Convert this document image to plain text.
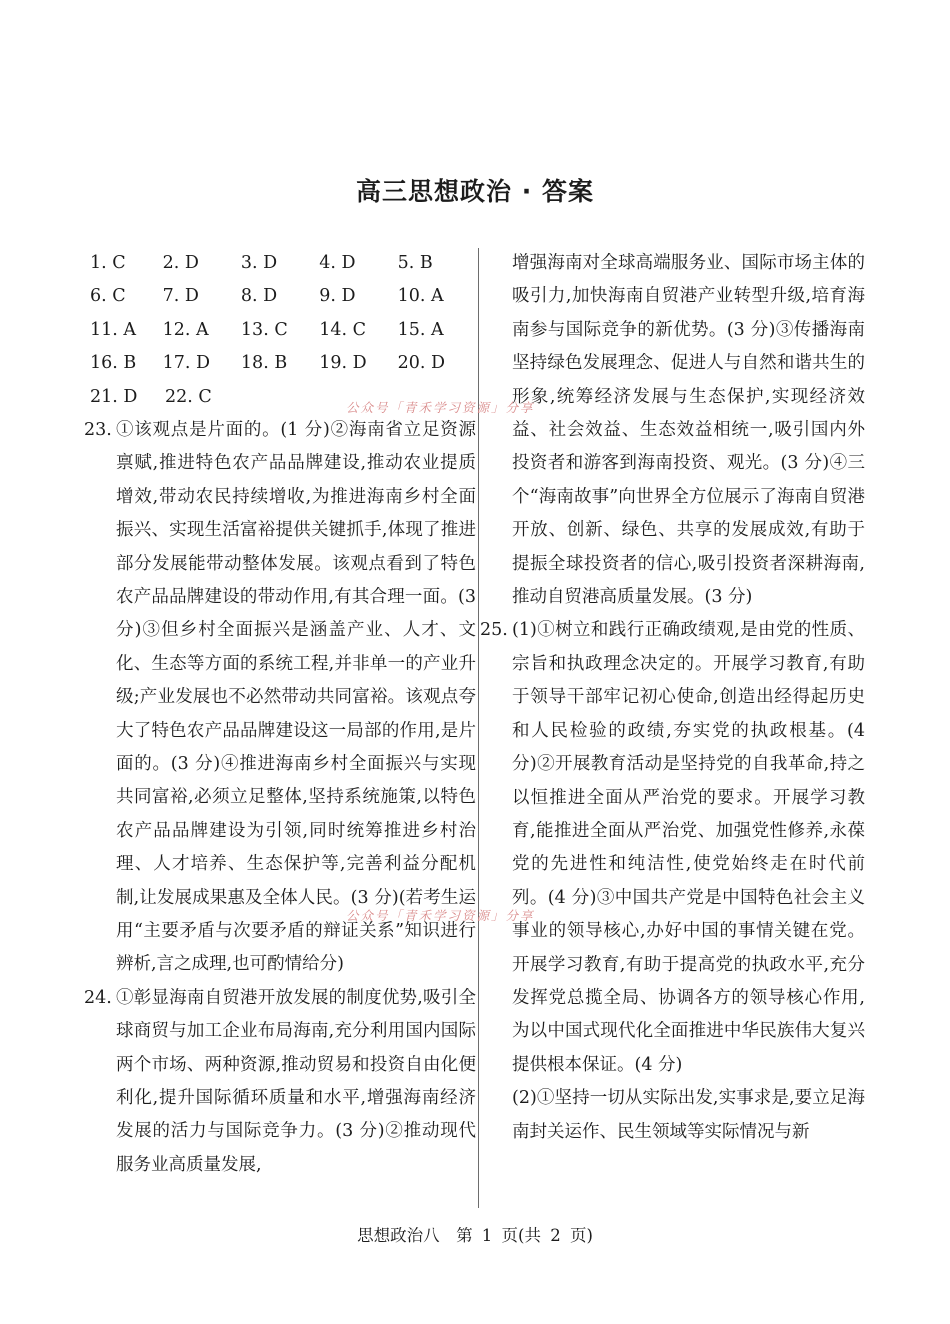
高三思想政治 · 答案
1. C	2. D	3. D	4. D	5. B
6. C	7. D	8. D	9. D	10. A
11. A	12. A	13. C	14. C	15. A
16. B	17. D	18. B	19. D	20. D
21. D	22. C
23. ①该观点是片面的。(1 分)②海南省立足资源禀赋,推进特色农产品品牌建设,推动农业提质增效,带动农民持续增收,为推进海南乡村全面振兴、实现生活富裕提供关键抓手,体现了推进部分发展能带动整体发展。该观点看到了特色农产品品牌建设的带动作用,有其合理一面。(3 分)③但乡村全面振兴是涵盖产业、人才、文化、生态等方面的系统工程,并非单一的产业升级;产业发展也不必然带动共同富裕。该观点夸大了特色农产品品牌建设这一局部的作用,是片面的。(3 分)④推进海南乡村全面振兴与实现共同富裕,必须立足整体,坚持系统施策,以特色农产品品牌建设为引领,同时统筹推进乡村治理、人才培养、生态保护等,完善利益分配机制,让发展成果惠及全体人民。(3 分)(若考生运用“主要矛盾与次要矛盾的辩证关系”知识进行辨析,言之成理,也可酌情给分)
24. ①彰显海南自贸港开放发展的制度优势,吸引全球商贸与加工企业布局海南,充分利用国内国际两个市场、两种资源,推动贸易和投资自由化便利化,提升国际循环质量和水平,增强海南经济发展的活力与国际竞争力。(3 分)②推动现代服务业高质量发展,
增强海南对全球高端服务业、国际市场主体的吸引力,加快海南自贸港产业转型升级,培育海南参与国际竞争的新优势。(3 分)③传播海南坚持绿色发展理念、促进人与自然和谐共生的形象,统筹经济发展与生态保护,实现经济效益、社会效益、生态效益相统一,吸引国内外投资者和游客到海南投资、观光。(3 分)④三个“海南故事”向世界全方位展示了海南自贸港开放、创新、绿色、共享的发展成效,有助于提振全球投资者的信心,吸引投资者深耕海南,推动自贸港高质量发展。(3 分)
25. (1)①树立和践行正确政绩观,是由党的性质、宗旨和执政理念决定的。开展学习教育,有助于领导干部牢记初心使命,创造出经得起历史和人民检验的政绩,夯实党的执政根基。(4 分)②开展教育活动是坚持党的自我革命,持之以恒推进全面从严治党的要求。开展学习教育,能推进全面从严治党、加强党性修养,永葆党的先进性和纯洁性,使党始终走在时代前列。(4 分)③中国共产党是中国特色社会主义事业的领导核心,办好中国的事情关键在党。开展学习教育,有助于提高党的执政水平,充分发挥党总揽全局、协调各方的领导核心作用,为以中国式现代化全面推进中华民族伟大复兴提供根本保证。(4 分)
(2)①坚持一切从实际出发,实事求是,要立足海南封关运作、民生领域等实际情况与新
公众号「青禾学习资源」分享
公众号「青禾学习资源」分享
思想政治八　第 1 页(共 2 页)
